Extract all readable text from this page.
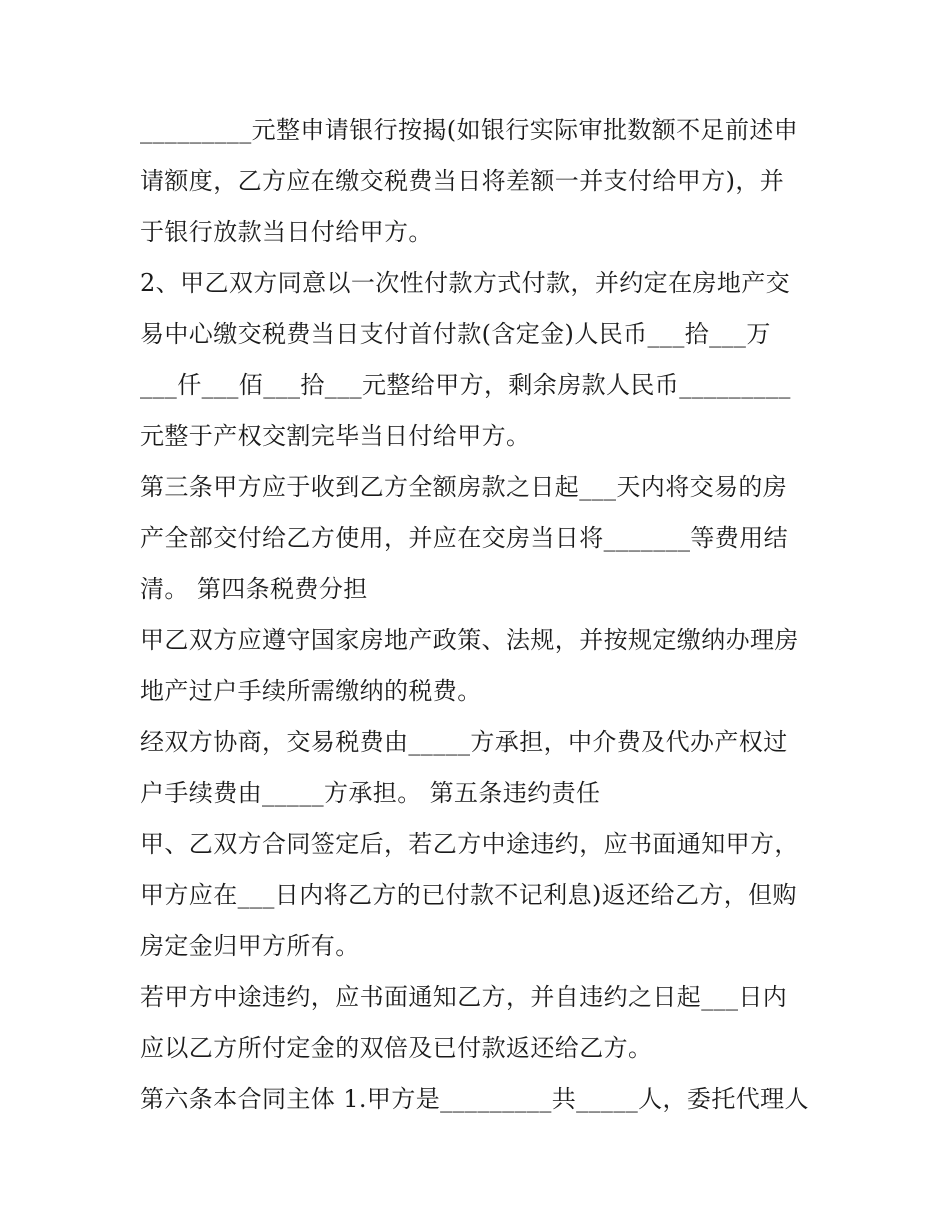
_________元整申请银行按揭(如银行实际审批数额不足前述申
请额度，乙方应在缴交税费当日将差额一并支付给甲方)，并
于银行放款当日付给甲方。
2、甲乙双方同意以一次性付款方式付款，并约定在房地产交
易中心缴交税费当日支付首付款(含定金)人民币___拾___万
___仟___佰___拾___元整给甲方，剩余房款人民币_________
元整于产权交割完毕当日付给甲方。
第三条甲方应于收到乙方全额房款之日起___天内将交易的房
产全部交付给乙方使用，并应在交房当日将_______等费用结
清。 第四条税费分担
甲乙双方应遵守国家房地产政策、法规，并按规定缴纳办理房
地产过户手续所需缴纳的税费。
经双方协商，交易税费由_____方承担，中介费及代办产权过
户手续费由_____方承担。 第五条违约责任
甲、乙双方合同签定后，若乙方中途违约，应书面通知甲方，
甲方应在___日内将乙方的已付款不记利息)返还给乙方，但购
房定金归甲方所有。
若甲方中途违约，应书面通知乙方，并自违约之日起___日内
应以乙方所付定金的双倍及已付款返还给乙方。
第六条本合同主体 1.甲方是_________共_____人，委托代理人
